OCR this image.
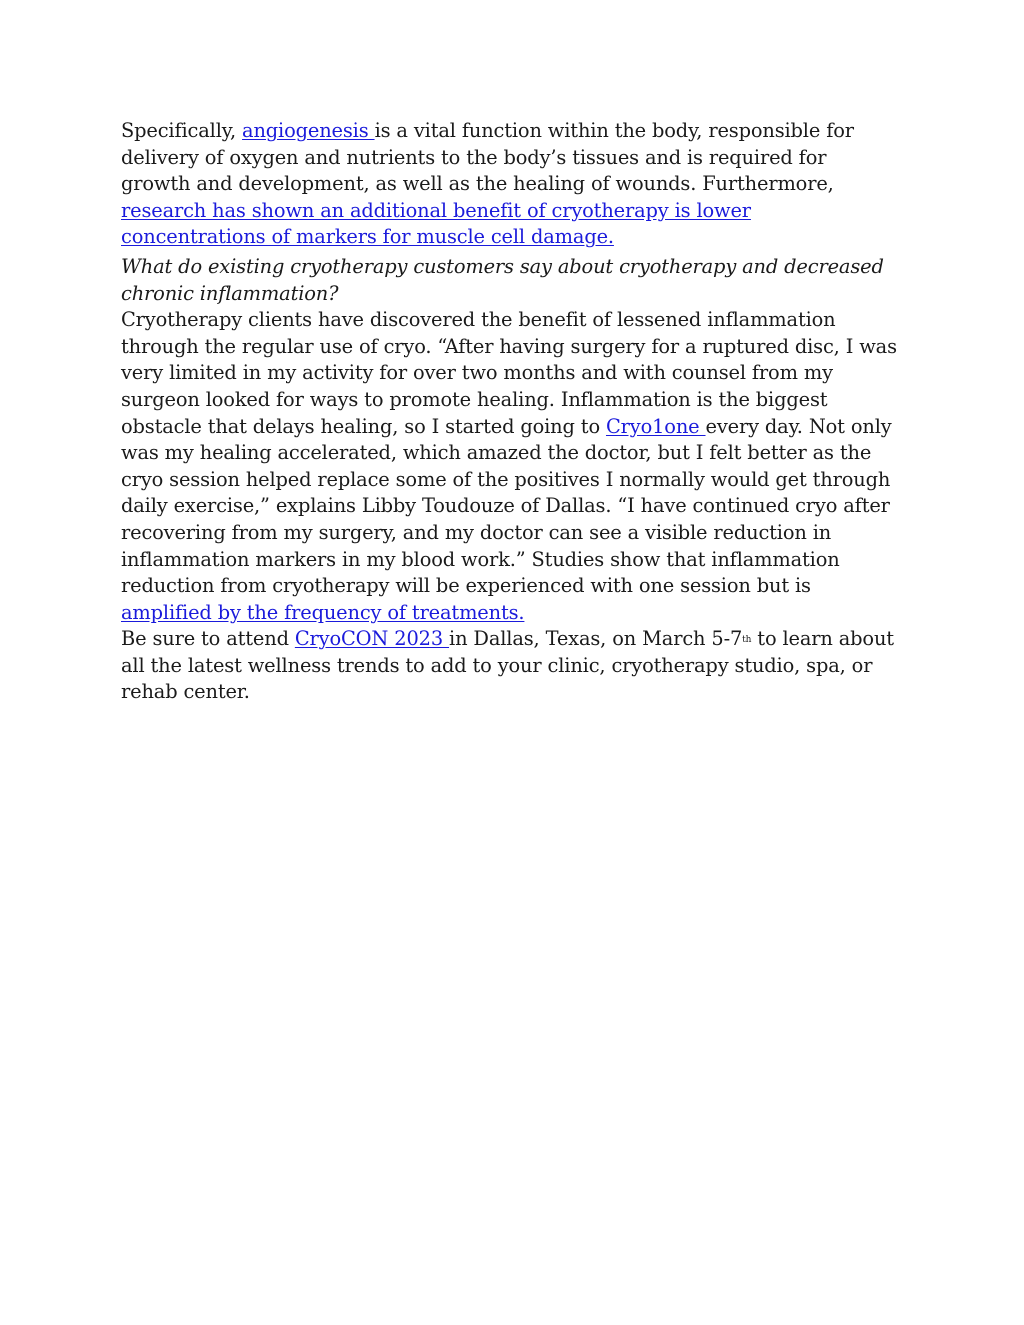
Specifically, angiogenesis is a vital function within the body, responsible for delivery of oxygen and nutrients to the body’s tissues and is required for growth and development, as well as the healing of wounds. Furthermore, research has shown an additional benefit of cryotherapy is lower concentrations of markers for muscle cell damage.

What do existing cryotherapy customers say about cryotherapy and decreased chronic inflammation?

Cryotherapy clients have discovered the benefit of lessened inflammation through the regular use of cryo. “After having surgery for a ruptured disc, I was very limited in my activity for over two months and with counsel from my surgeon looked for ways to promote healing. Inflammation is the biggest obstacle that delays healing, so I started going to Cryo1one every day. Not only was my healing accelerated, which amazed the doctor, but I felt better as the cryo session helped replace some of the positives I normally would get through daily exercise,” explains Libby Toudouze of Dallas. “I have continued cryo after recovering from my surgery, and my doctor can see a visible reduction in inflammation markers in my blood work.” Studies show that inflammation reduction from cryotherapy will be experienced with one session but is amplified by the frequency of treatments.

Be sure to attend CryoCON 2023 in Dallas, Texas, on March 5-7th to learn about all the latest wellness trends to add to your clinic, cryotherapy studio, spa, or rehab center.
